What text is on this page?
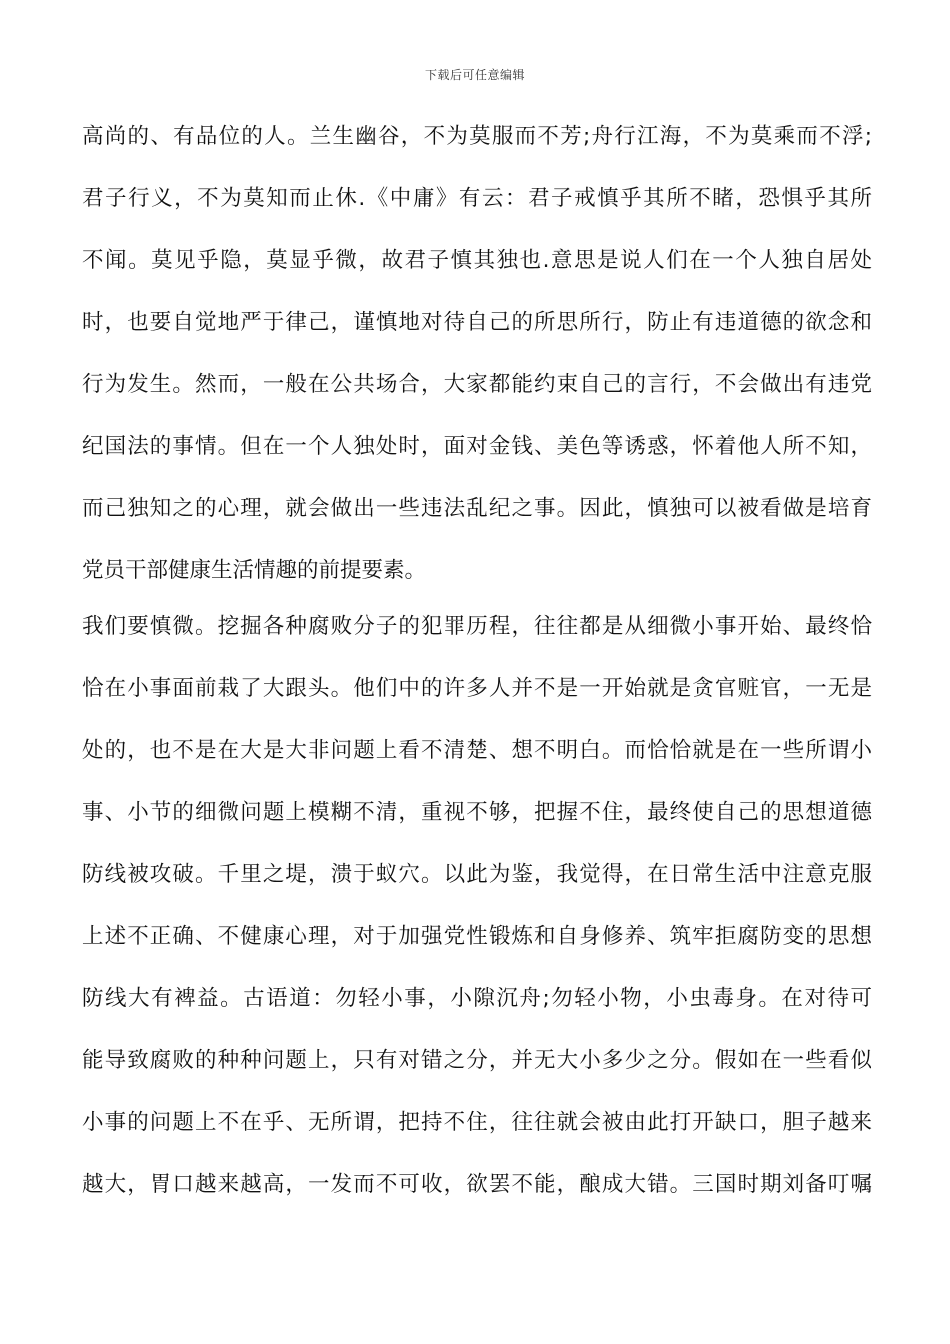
下载后可任意编辑
高尚的、有品位的人。兰生幽谷，不为莫服而不芳;舟行江海，不为莫乘而不浮;
君子行义，不为莫知而止休.《中庸》有云：君子戒慎乎其所不睹，恐惧乎其所
不闻。莫见乎隐，莫显乎微，故君子慎其独也.意思是说人们在一个人独自居处
时，也要自觉地严于律己，谨慎地对待自己的所思所行，防止有违道德的欲念和
行为发生。然而，一般在公共场合，大家都能约束自己的言行，不会做出有违党
纪国法的事情。但在一个人独处时，面对金钱、美色等诱惑，怀着他人所不知，
而己独知之的心理，就会做出一些违法乱纪之事。因此，慎独可以被看做是培育
党员干部健康生活情趣的前提要素。
我们要慎微。挖掘各种腐败分子的犯罪历程，往往都是从细微小事开始、最终恰
恰在小事面前栽了大跟头。他们中的许多人并不是一开始就是贪官赃官，一无是
处的，也不是在大是大非问题上看不清楚、想不明白。而恰恰就是在一些所谓小
事、小节的细微问题上模糊不清，重视不够，把握不住，最终使自己的思想道德
防线被攻破。千里之堤，溃于蚁穴。以此为鉴，我觉得，在日常生活中注意克服
上述不正确、不健康心理，对于加强党性锻炼和自身修养、筑牢拒腐防变的思想
防线大有裨益。古语道：勿轻小事，小隙沉舟;勿轻小物，小虫毒身。在对待可
能导致腐败的种种问题上，只有对错之分，并无大小多少之分。假如在一些看似
小事的问题上不在乎、无所谓，把持不住，往往就会被由此打开缺口，胆子越来
越大，胃口越来越高，一发而不可收，欲罢不能，酿成大错。三国时期刘备叮嘱
